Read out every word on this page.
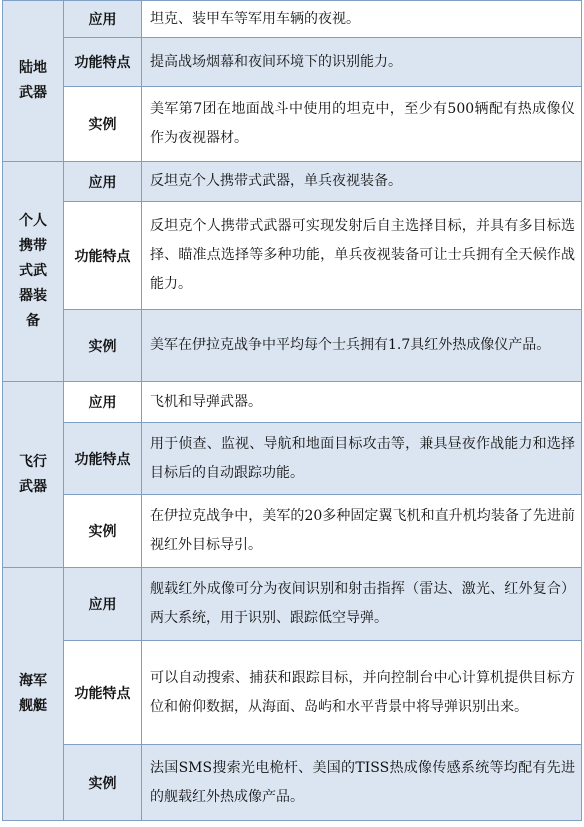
陆地武器	应用	坦克、装甲车等军用车辆的夜视。
	功能特点	提高战场烟幕和夜间环境下的识别能力。
	实例	美军第7团在地面战斗中使用的坦克中，至少有500辆配有热成像仪作为夜视器材。
个人携带式武器装备	应用	反坦克个人携带式武器，单兵夜视装备。
	功能特点	反坦克个人携带式武器可实现发射后自主选择目标，并具有多目标选择、瞄准点选择等多种功能，单兵夜视装备可让士兵拥有全天候作战能力。
	实例	美军在伊拉克战争中平均每个士兵拥有1.7具红外热成像仪产品。
飞行武器	应用	飞机和导弹武器。
	功能特点	用于侦查、监视、导航和地面目标攻击等，兼具昼夜作战能力和选择目标后的自动跟踪功能。
	实例	在伊拉克战争中，美军的20多种固定翼飞机和直升机均装备了先进前视红外目标导引。
海军舰艇	应用	舰载红外成像可分为夜间识别和射击指挥（雷达、激光、红外复合）两大系统，用于识别、跟踪低空导弹。
	功能特点	可以自动搜索、捕获和跟踪目标，并向控制台中心计算机提供目标方位和俯仰数据，从海面、岛屿和水平背景中将导弹识别出来。
	实例	法国SMS搜索光电桅杆、美国的TISS热成像传感系统等均配有先进的舰载红外热成像产品。
